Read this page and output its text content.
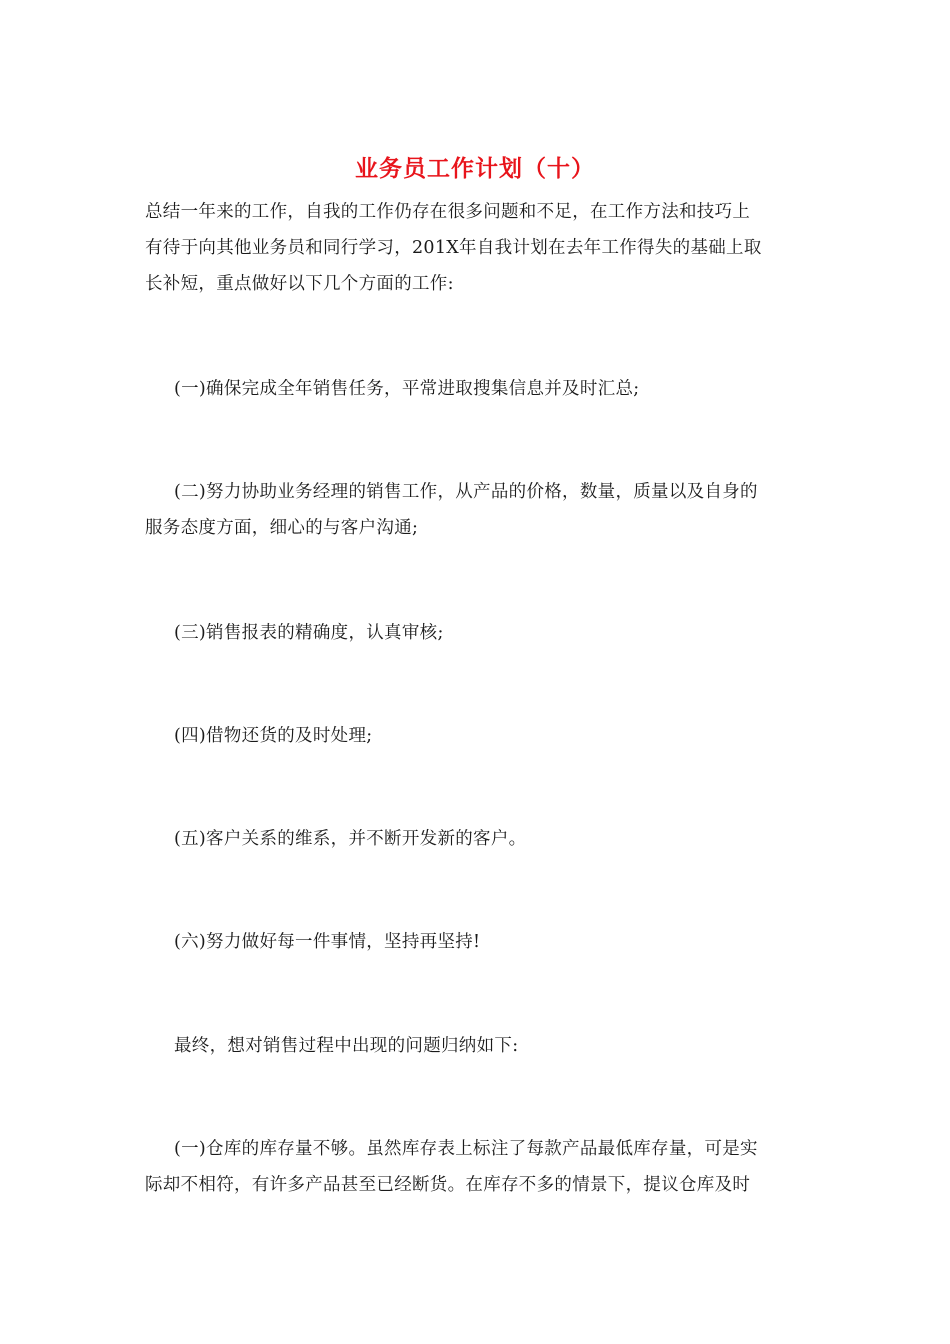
业务员工作计划（十）

总结一年来的工作，自我的工作仍存在很多问题和不足，在工作方法和技巧上
有待于向其他业务员和同行学习，201X年自我计划在去年工作得失的基础上取
长补短，重点做好以下几个方面的工作:

(一)确保完成全年销售任务，平常进取搜集信息并及时汇总;

(二)努力协助业务经理的销售工作，从产品的价格，数量，质量以及自身的
服务态度方面，细心的与客户沟通;

(三)销售报表的精确度，认真审核;

(四)借物还货的及时处理;

(五)客户关系的维系，并不断开发新的客户。

(六)努力做好每一件事情，坚持再坚持!

最终，想对销售过程中出现的问题归纳如下:

(一)仓库的库存量不够。虽然库存表上标注了每款产品最低库存量，可是实
际却不相符，有许多产品甚至已经断货。在库存不多的情景下，提议仓库及时
